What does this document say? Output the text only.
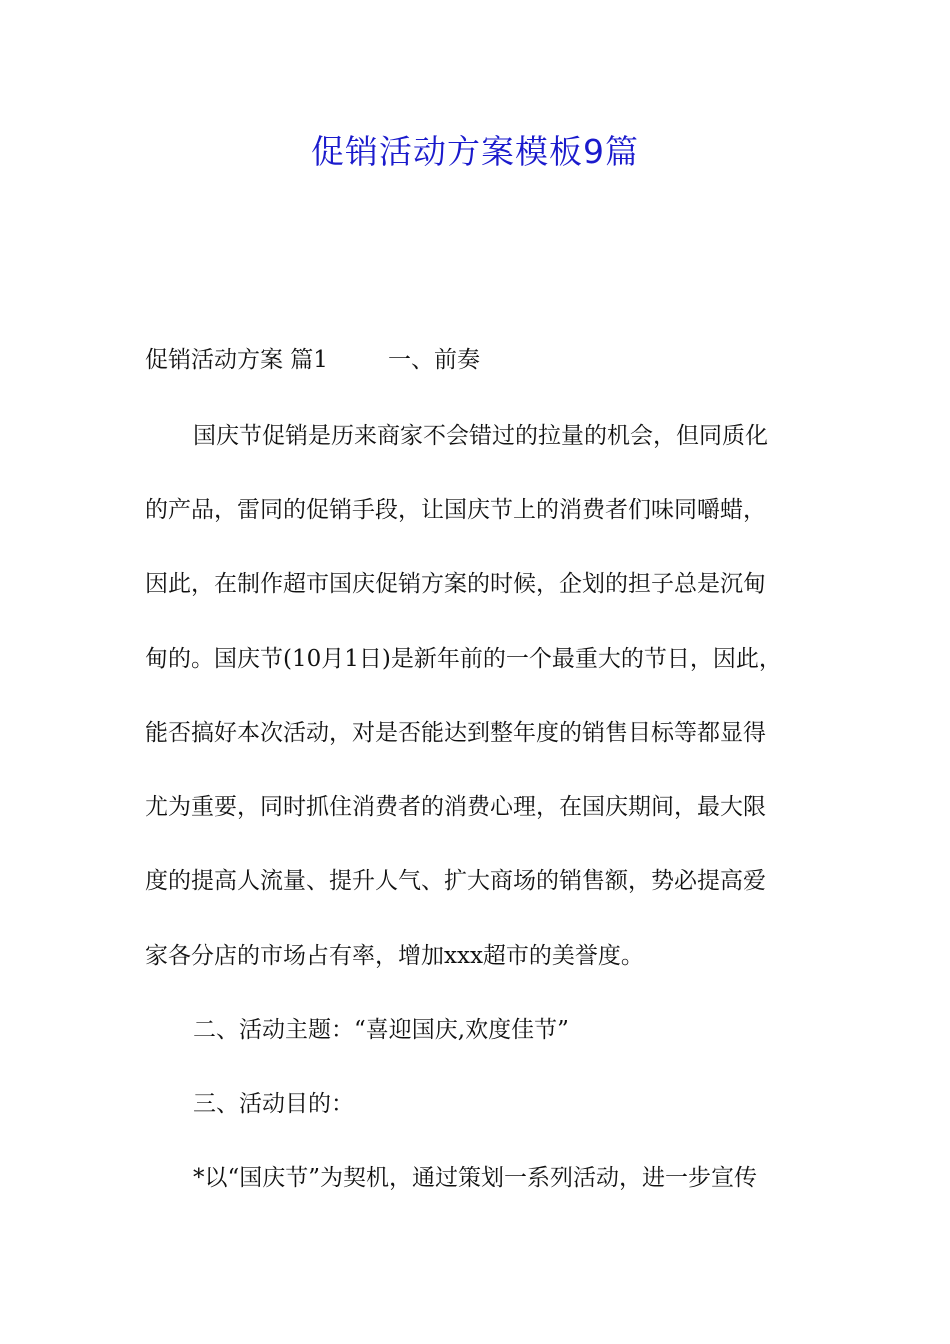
促销活动方案模板9篇
促销活动方案 篇1	一、前奏
国庆节促销是历来商家不会错过的拉量的机会，但同质化
的产品，雷同的促销手段，让国庆节上的消费者们味同嚼蜡，
因此，在制作超市国庆促销方案的时候，企划的担子总是沉甸
甸的。国庆节(10月1日)是新年前的一个最重大的节日，因此，
能否搞好本次活动，对是否能达到整年度的销售目标等都显得
尤为重要，同时抓住消费者的消费心理，在国庆期间，最大限
度的提高人流量、提升人气、扩大商场的销售额，势必提高爱
家各分店的市场占有率，增加xxx超市的美誉度。
二、活动主题：“喜迎国庆,欢度佳节”
三、活动目的：
*以“国庆节”为契机，通过策划一系列活动，进一步宣传
